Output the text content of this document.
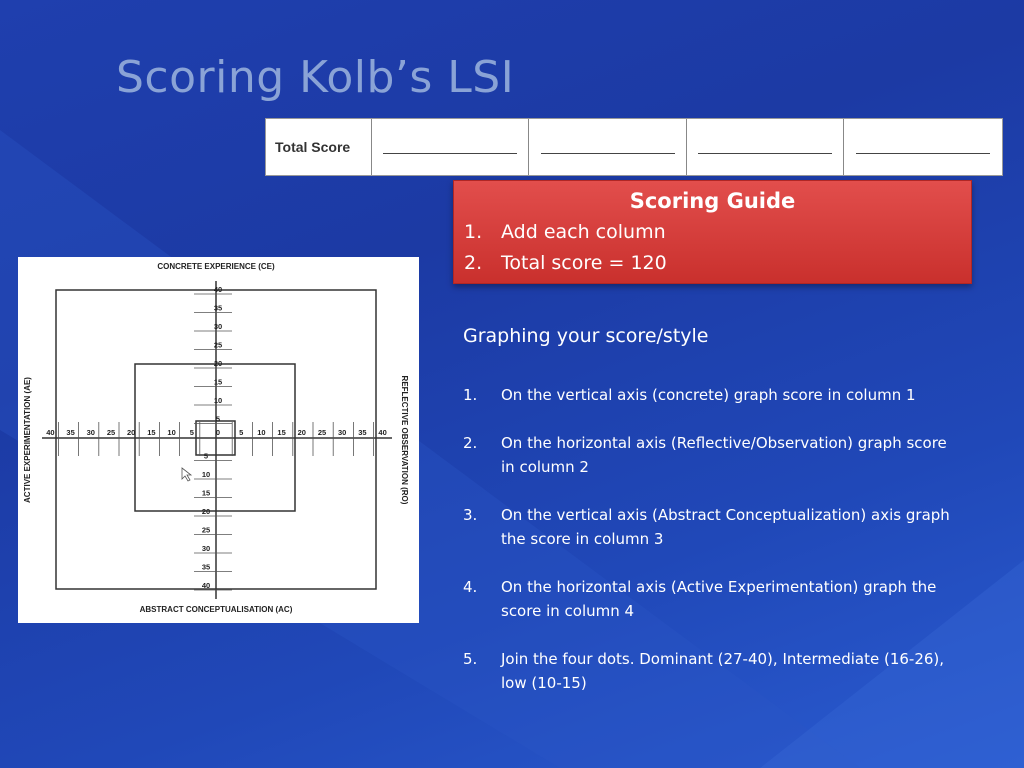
Scoring Kolb’s LSI
Total Score
Scoring Guide
1. Add each column
2. Total score = 120
Graphing your score/style
1. On the vertical axis (concrete) graph score in column 1
2. On the horizontal axis (Reflective/Observation) graph score in column 2
3. On the vertical axis (Abstract Conceptualization) axis graph the score in column 3
4. On the horizontal axis (Active Experimentation) graph the score in column 4
5. Join the four dots. Dominant (27-40), Intermediate (16-26), low (10-15)
40
40
40	40
35
35
35	35
30
30
30	30
25
25
25	25
20
20
20	20
15
15
15	15
10
10
10	10
5
5
5	5
0
CONCRETE EXPERIENCE (CE)
ABSTRACT CONCEPTUALISATION (AC)
ACTIVE EXPERIMENTATION (AE)	REFLECTIVE OBSERVATION (RO)
